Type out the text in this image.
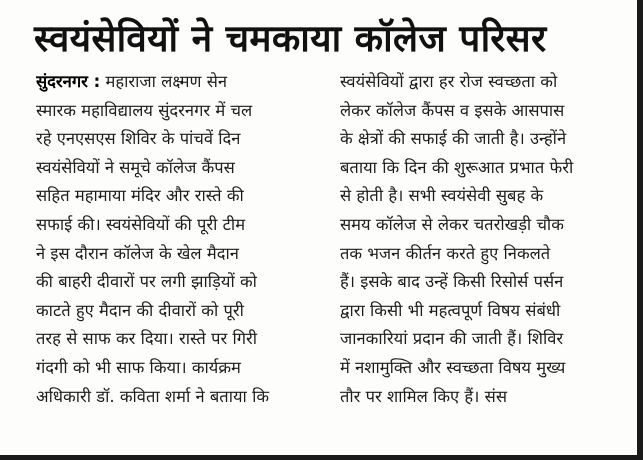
स्वयंसेवियों ने चमकाया कॉलेज परिसर
सुंदरनगर : महाराजा लक्ष्मण सेन
स्मारक महाविद्यालय सुंदरनगर में चल
रहे एनएसएस शिविर के पांचवें दिन
स्वयंसेवियों ने समूचे कॉलेज कैंपस
सहित महामाया मंदिर और रास्ते की
सफाई की। स्वयंसेवियों की पूरी टीम
ने इस दौरान कॉलेज के खेल मैदान
की बाहरी दीवारों पर लगी झाड़ियों को
काटते हुए मैदान की दीवारों को पूरी
तरह से साफ कर दिया। रास्ते पर गिरी
गंदगी को भी साफ किया। कार्यक्रम
अधिकारी डॉ. कविता शर्मा ने बताया कि
स्वयंसेवियों द्वारा हर रोज स्वच्छता को
लेकर कॉलेज कैंपस व इसके आसपास
के क्षेत्रों की सफाई की जाती है। उन्होंने
बताया कि दिन की शुरूआत प्रभात फेरी
से होती है। सभी स्वयंसेवी सुबह के
समय कॉलेज से लेकर चतरोखड़ी चौक
तक भजन कीर्तन करते हुए निकलते
हैं। इसके बाद उन्हें किसी रिसोर्स पर्सन
द्वारा किसी भी महत्वपूर्ण विषय संबंधी
जानकारियां प्रदान की जाती हैं। शिविर
में नशामुक्ति और स्वच्छता विषय मुख्य
तौर पर शामिल किए हैं। संस
